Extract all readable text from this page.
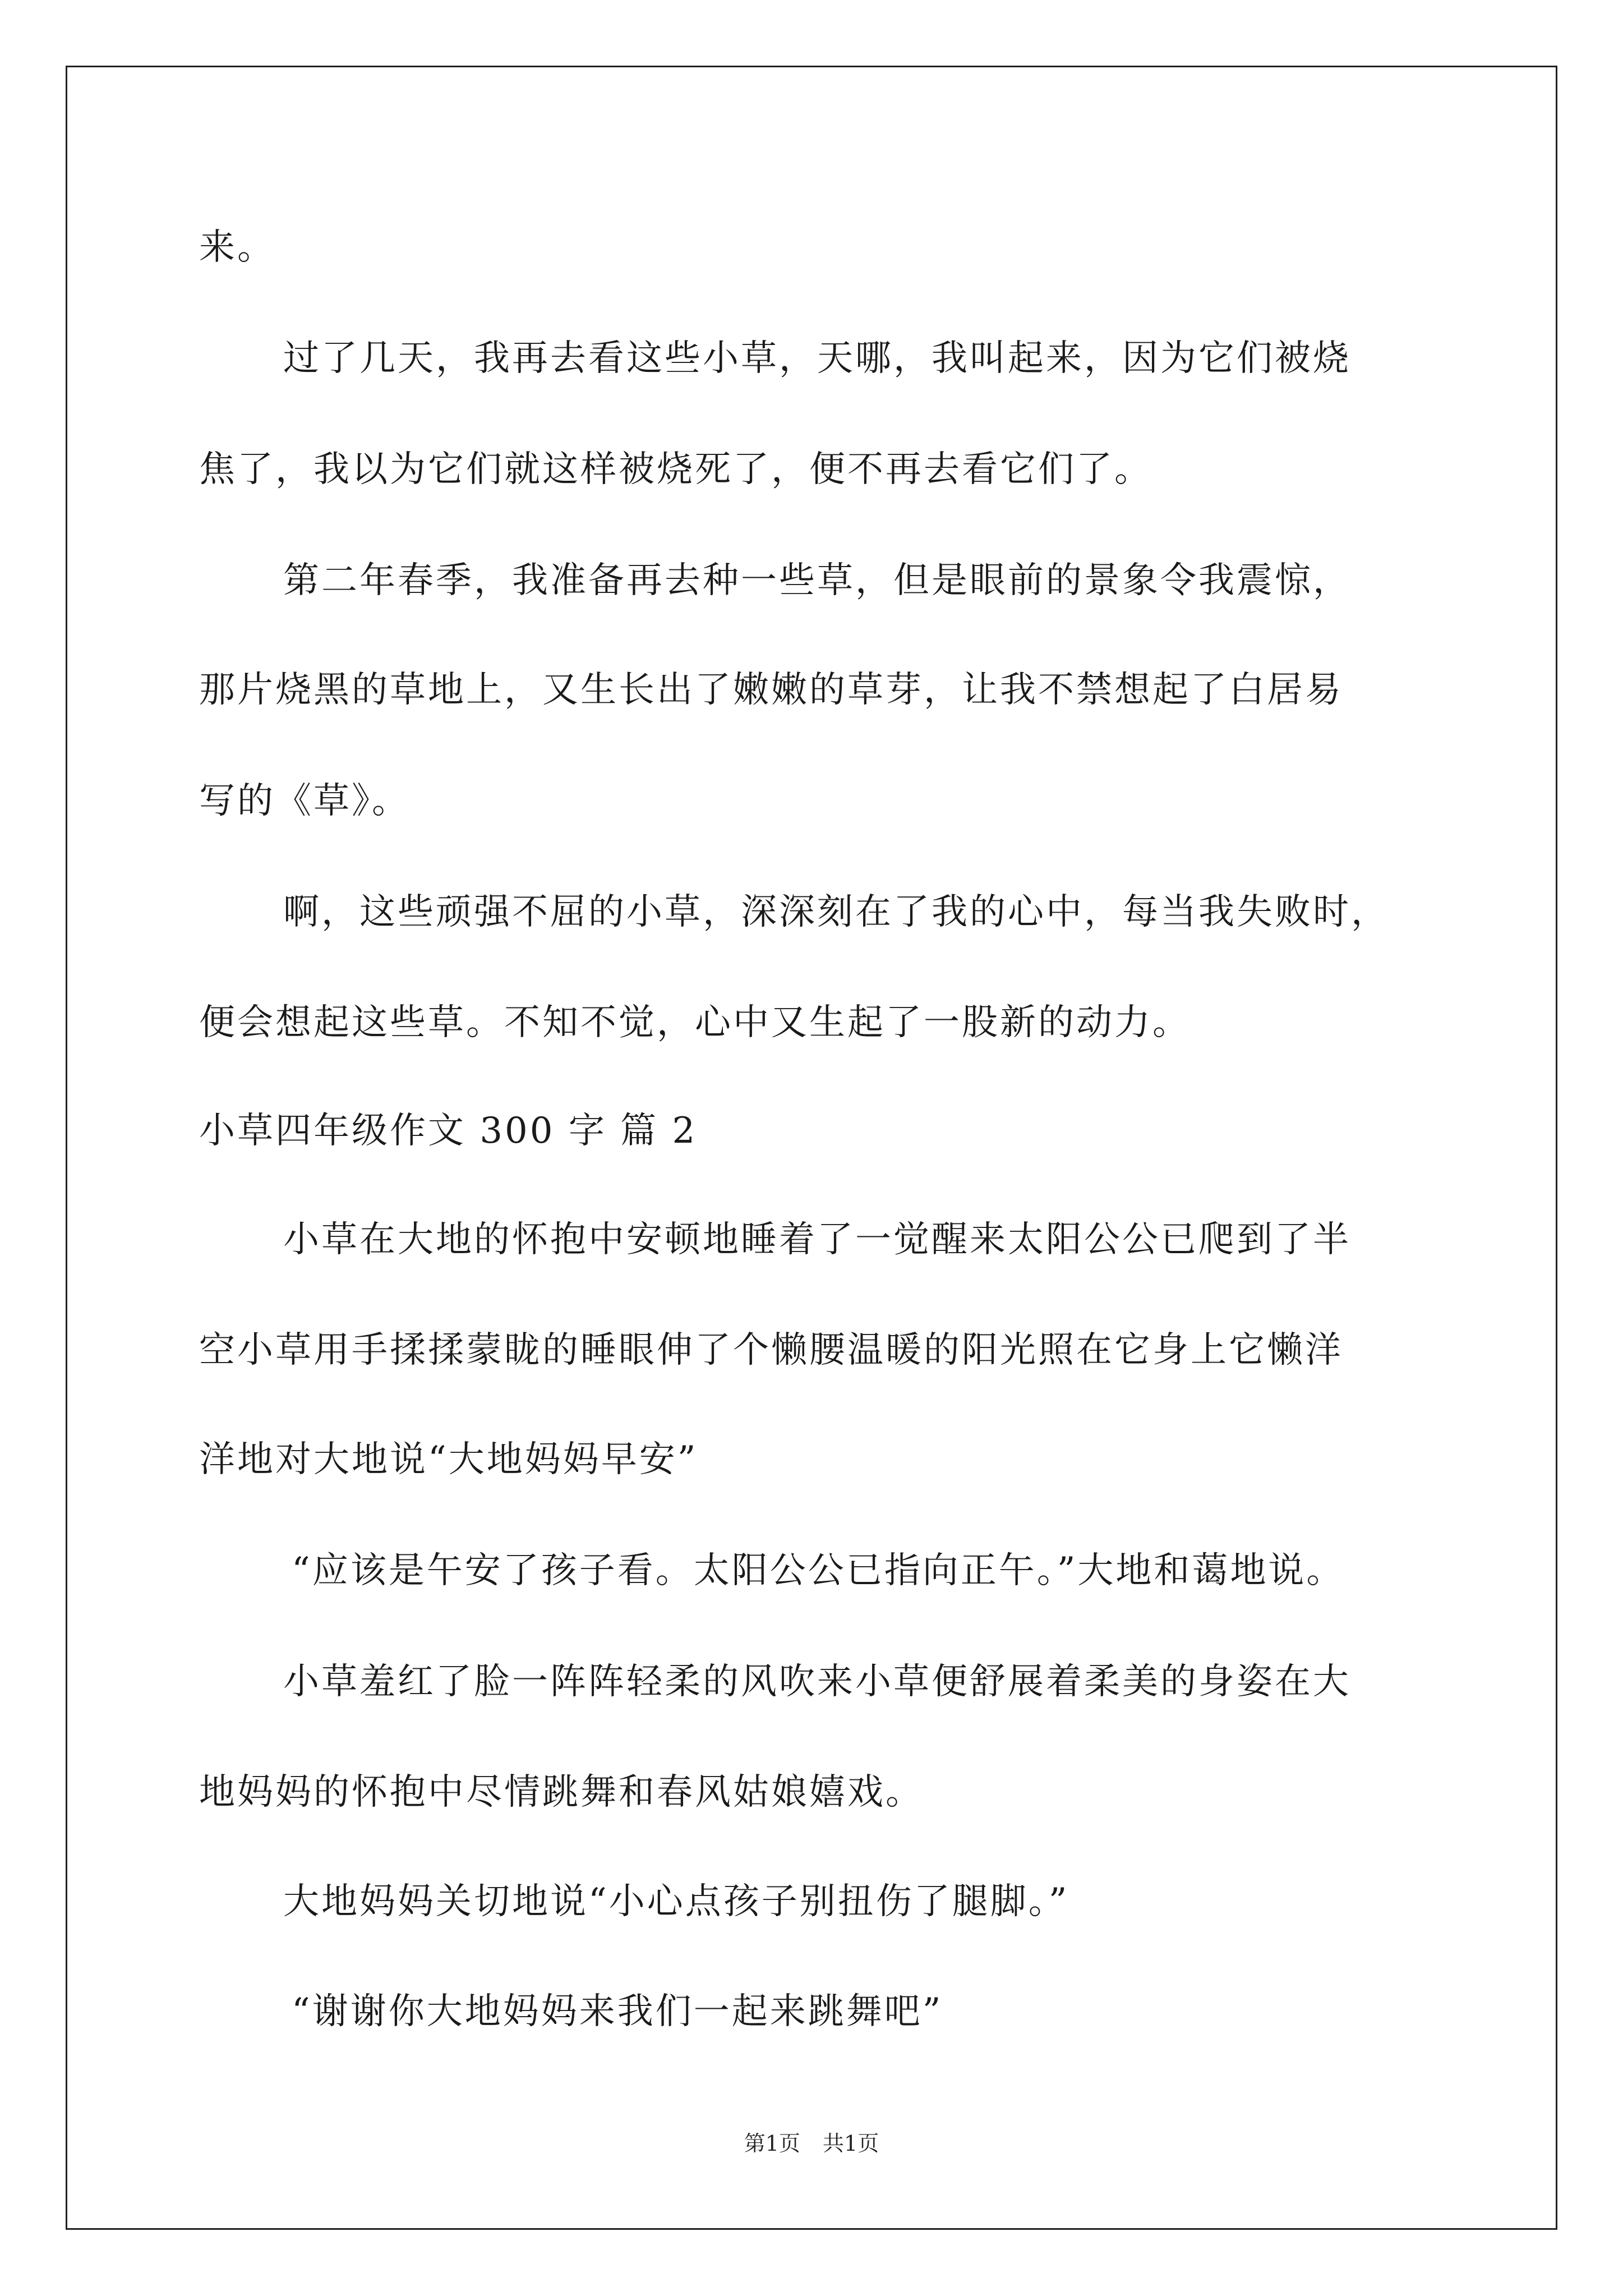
来。
过了几天，我再去看这些小草，天哪，我叫起来，因为它们被烧
焦了，我以为它们就这样被烧死了，便不再去看它们了。
第二年春季，我准备再去种一些草，但是眼前的景象令我震惊，
那片烧黑的草地上，又生长出了嫩嫩的草芽，让我不禁想起了白居易
写的《草》。
啊，这些顽强不屈的小草，深深刻在了我的心中，每当我失败时，
便会想起这些草。不知不觉，心中又生起了一股新的动力。
小草四年级作文 300 字 篇 2
小草在大地的怀抱中安顿地睡着了一觉醒来太阳公公已爬到了半
空小草用手揉揉蒙眬的睡眼伸了个懒腰温暖的阳光照在它身上它懒洋
洋地对大地说“大地妈妈早安”
“应该是午安了孩子看。太阳公公已指向正午。”大地和蔼地说。
小草羞红了脸一阵阵轻柔的风吹来小草便舒展着柔美的身姿在大
地妈妈的怀抱中尽情跳舞和春风姑娘嬉戏。
大地妈妈关切地说“小心点孩子别扭伤了腿脚。”
“谢谢你大地妈妈来我们一起来跳舞吧”
第1页 共1页
